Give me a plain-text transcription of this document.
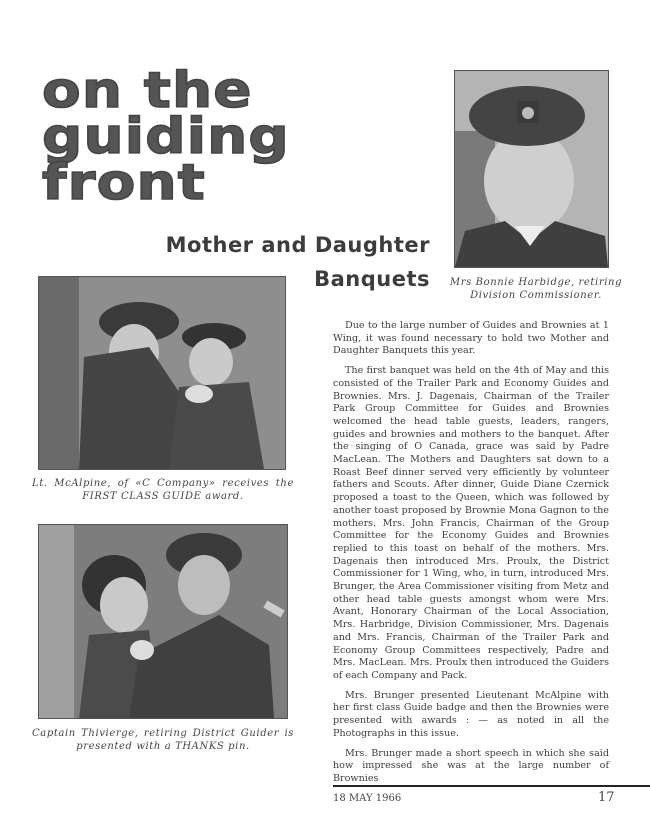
on the
guiding
front
Mother and Daughter
Banquets	Mrs Bonnie Harbidge, retiring Division Commissioner.
Lt. McAlpine, of «C Company» receives the FIRST CLASS GUIDE award.
Captain Thivierge, retiring District Guider is presented with a THANKS pin.

Due to the large number of Guides and Brownies at 1 Wing, it was found necessary to hold two Mother and Daughter Banquets this year.

The first banquet was held on the 4th of May and this consisted of the Trailer Park and Economy Guides and Brownies. Mrs. J. Dagenais, Chairman of the Trailer Park Group Committee for Guides and Brownies welcomed the head table guests, leaders, rangers, guides and brownies and mothers to the banquet. After the singing of O Canada, grace was said by Padre MacLean. The Mothers and Daughters sat down to a Roast Beef dinner served very efficiently by volunteer fathers and Scouts. After dinner, Guide Diane Czernick proposed a toast to the Queen, which was followed by another toast proposed by Brownie Mona Gagnon to the mothers. Mrs. John Francis, Chairman of the Group Committee for the Economy Guides and Brownies replied to this toast on behalf of the mothers. Mrs. Dagenais then introduced Mrs. Proulx, the District Commissioner for 1 Wing, who, in turn, introduced Mrs. Brunger, the Area Commissioner visiting from Metz and other head table guests amongst whom were Mrs. Avant, Honorary Chairman of the Local Association, Mrs. Harbridge, Division Commissioner, Mrs. Dagenais and Mrs. Francis, Chairman of the Trailer Park and Economy Group Committees respectively, Padre and Mrs. MacLean. Mrs. Proulx then introduced the Guiders of each Company and Pack.

Mrs. Brunger presented Lieutenant McAlpine with her first class Guide badge and then the Brownies were presented with awards : — as noted in all the Photographs in this issue.

Mrs. Brunger made a short speech in which she said how impressed she was at the large number of Brownies

18 MAY 1966	17
